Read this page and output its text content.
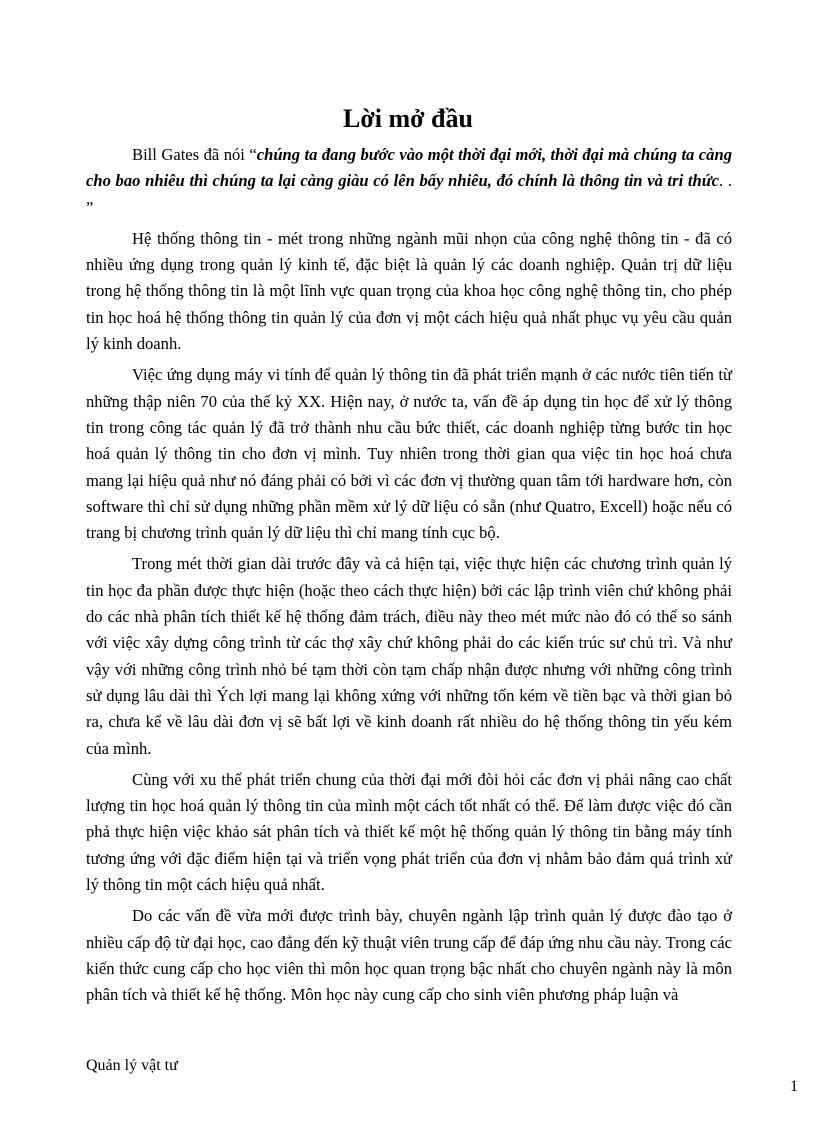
Lời mở đầu

Bill Gates đã nói “chúng ta đang bước vào một thời đại mới, thời đại mà chúng ta càng cho bao nhiêu thì chúng ta lại càng giàu có lên bấy nhiêu, đó chính là thông tin và tri thức. . ”

Hệ thống thông tin - mét trong những ngành mũi nhọn của công nghệ thông tin - đã có nhiều ứng dụng trong quản lý kinh tế, đặc biệt là quản lý các doanh nghiệp. Quản trị dữ liệu trong hệ thống thông tin là một lĩnh vực quan trọng của khoa học công nghệ thông tin, cho phép tin học hoá hệ thống thông tin quản lý của đơn vị một cách hiệu quả nhất phục vụ yêu cầu quản lý kinh doanh.

Việc ứng dụng máy vi tính để quản lý thông tin đã phát triển mạnh ở các nước tiên tiến từ những thập niên 70 của thế kỷ XX. Hiện nay, ở nước ta, vấn đề áp dụng tin học để xử lý thông tin trong công tác quản lý đã trở thành nhu cầu bức thiết, các doanh nghiệp từng bước tin học hoá quản lý thông tin cho đơn vị mình. Tuy nhiên trong thời gian qua việc tin học hoá chưa mang lại hiệu quả như nó đáng phải có bởi vì các đơn vị thường quan tâm tới hardware hơn, còn software thì chỉ sử dụng những phần mềm xử lý dữ liệu có sẵn (như Quatro, Excell) hoặc nếu có trang bị chương trình quản lý dữ liệu thì chỉ mang tính cục bộ.

Trong mét thời gian dài trước đây và cả hiện tại, việc thực hiện các chương trình quản lý tin học đa phần được thực hiện (hoặc theo cách thực hiện) bởi các lập trình viên chứ không phải do các nhà phân tích thiết kế hệ thống đảm trách, điều này theo mét mức nào đó có thể so sánh với việc xây dựng công trình từ các thợ xây chứ không phải do các kiến trúc sư chủ trì. Và như vậy với những công trình nhỏ bé tạm thời còn tạm chấp nhận được nhưng với những công trình sử dụng lâu dài thì Ých lợi mang lại không xứng với những tốn kém về tiền bạc và thời gian bỏ ra, chưa kể về lâu dài đơn vị sẽ bất lợi về kinh doanh rất nhiều do hệ thống thông tin yếu kém của mình.

Cùng với xu thế phát triển chung của thời đại mới đòi hỏi các đơn vị phải nâng cao chất lượng tin học hoá quản lý thông tin của mình một cách tốt nhất có thể. Để làm được việc đó cần phả thực hiện việc khảo sát phân tích và thiết kế một hệ thống quản lý thông tin bằng máy tính tương ứng với đặc điểm hiện tại và triển vọng phát triển của đơn vị nhằm bảo đảm quá trình xử lý thông tin một cách hiệu quả nhất.

Do các vấn đề vừa mới được trình bày, chuyên ngành lập trình quản lý được đào tạo ở nhiều cấp độ từ đại học, cao đẳng đến kỹ thuật viên trung cấp để đáp ứng nhu cầu này. Trong các kiến thức cung cấp cho học viên thì môn học quan trọng bậc nhất cho chuyên ngành này là môn phân tích và thiết kế hệ thống. Môn học này cung cấp cho sinh viên phương pháp luận và

Quản lý vật tư
1
